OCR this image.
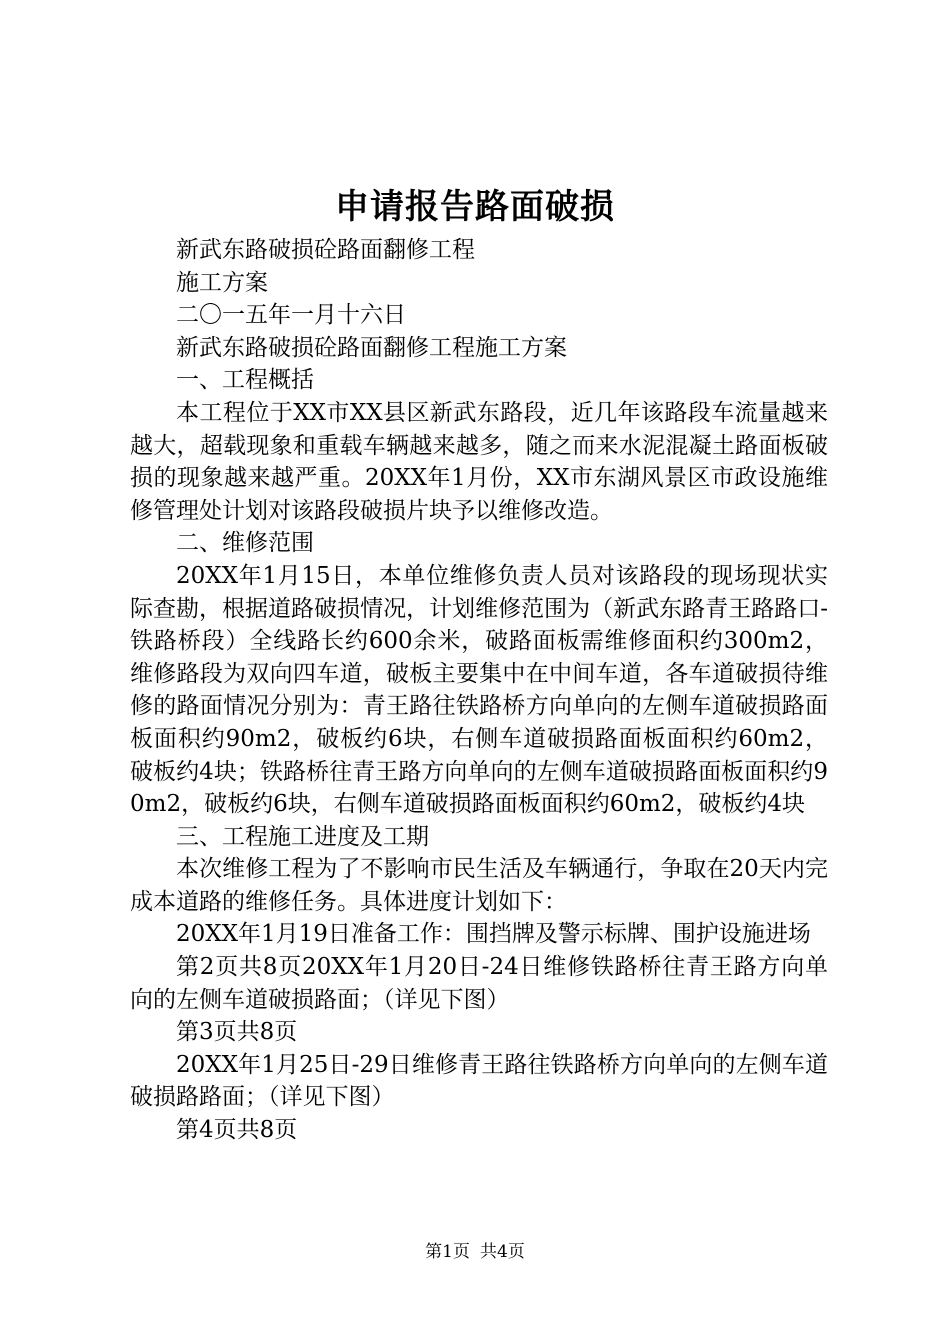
申请报告路面破损

新武东路破损砼路面翻修工程

施工方案

二〇一五年一月十六日

新武东路破损砼路面翻修工程施工方案

一、工程概括

本工程位于XX市XX县区新武东路段，近几年该路段车流量越来越大，超载现象和重载车辆越来越多，随之而来水泥混凝土路面板破损的现象越来越严重。20XX年1月份，XX市东湖风景区市政设施维修管理处计划对该路段破损片块予以维修改造。

二、维修范围

20XX年1月15日，本单位维修负责人员对该路段的现场现状实际查勘，根据道路破损情况，计划维修范围为（新武东路青王路路口-铁路桥段）全线路长约600余米，破路面板需维修面积约300m2，维修路段为双向四车道，破板主要集中在中间车道，各车道破损待维修的路面情况分别为：青王路往铁路桥方向单向的左侧车道破损路面板面积约90m2，破板约6块，右侧车道破损路面板面积约60m2，破板约4块；铁路桥往青王路方向单向的左侧车道破损路面板面积约90m2，破板约6块，右侧车道破损路面板面积约60m2，破板约4块

三、工程施工进度及工期

本次维修工程为了不影响市民生活及车辆通行，争取在20天内完成本道路的维修任务。具体进度计划如下：

20XX年1月19日准备工作：围挡牌及警示标牌、围护设施进场

第2页共8页20XX年1月20日-24日维修铁路桥往青王路方向单向的左侧车道破损路面；（详见下图）

第3页共8页

20XX年1月25日-29日维修青王路往铁路桥方向单向的左侧车道破损路路面；（详见下图）

第4页共8页

第1页 共4页
